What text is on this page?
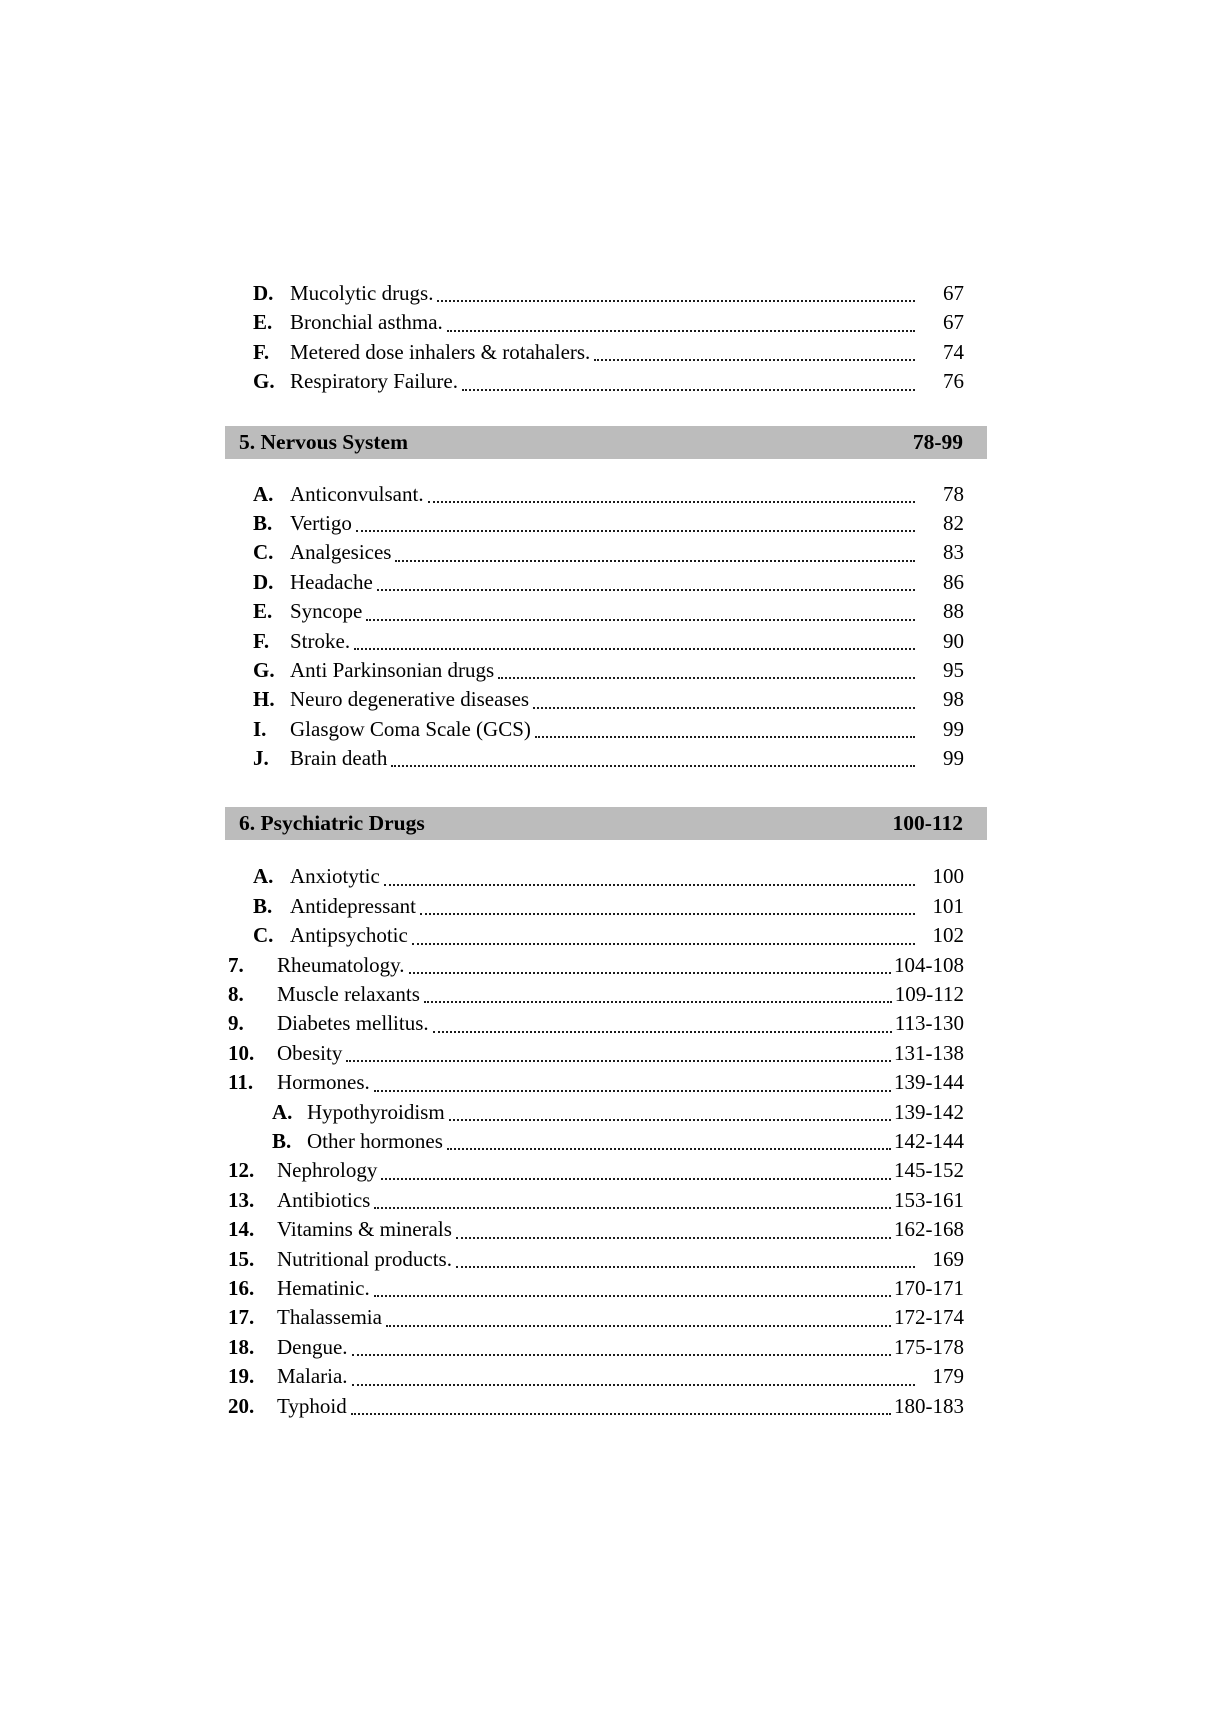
D. Mucolytic drugs.	67
E. Bronchial asthma.	67
F. Metered dose inhalers & rotahalers.	74
G. Respiratory Failure.	76
5. Nervous System	78-99
A. Anticonvulsant.	78
B. Vertigo	82
C. Analgesices	83
D. Headache	86
E. Syncope	88
F. Stroke.	90
G. Anti Parkinsonian drugs	95
H. Neuro degenerative diseases	98
I.	Glasgow Coma Scale (GCS)	99
J.	Brain death	99
6. Psychiatric Drugs	100-112
A. Anxiotytic	100
B. Antidepressant	101
C. Antipsychotic	102
7.	Rheumatology.	104-108
8.	Muscle relaxants	109-112
9.	Diabetes mellitus.	113-130
10.	Obesity	131-138
11.	Hormones.	139-144
A. Hypothyroidism	139-142
B. Other hormones	142-144
12.	Nephrology	145-152
13.	Antibiotics	153-161
14.	Vitamins & minerals	162-168
15.	Nutritional products.	169
16.	Hematinic.	170-171
17.	Thalassemia	172-174
18.	Dengue.	175-178
19.	Malaria.	179
20.	Typhoid	180-183
